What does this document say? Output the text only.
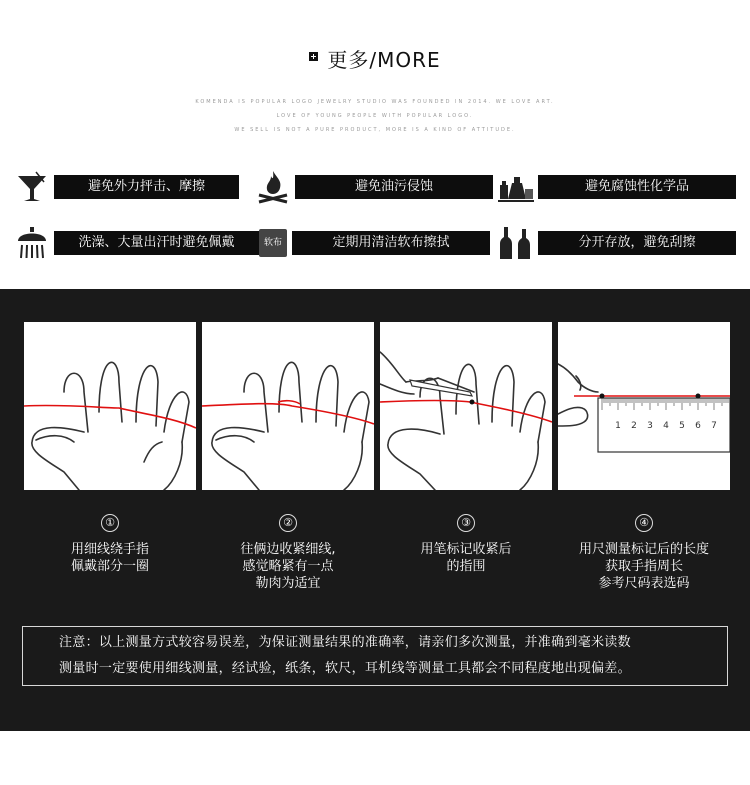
更多/MORE
KOMENDA IS POPULAR LOGO JEWELRY STUDIO WAS FOUNDED IN 2014. WE LOVE ART.
LOVE OF YOUNG PEOPLE WITH POPULAR LOGO.
WE SELL IS NOT A PURE PRODUCT, MORE IS A KIND OF ATTITUDE.
避免外力抨击、摩擦	避免油污侵蚀	避免腐蚀性化学品
洗澡、大量出汗时避免佩戴	软布	定期用清洁软布擦拭	分开存放，避免刮擦
1 2 3 4 5 6 7
①
用细线绕手指
佩戴部分一圈
②
往俩边收紧细线,
感觉略紧有一点
勒肉为适宜
③
用笔标记收紧后
的指围
④
用尺测量标记后的长度
获取手指周长
参考尺码表选码
注意：以上测量方式较容易误差，为保证测量结果的准确率，请亲们多次测量，并准确到毫米读数
测量时一定要使用细线测量，经试验，纸条，软尺，耳机线等测量工具都会不同程度地出现偏差。
